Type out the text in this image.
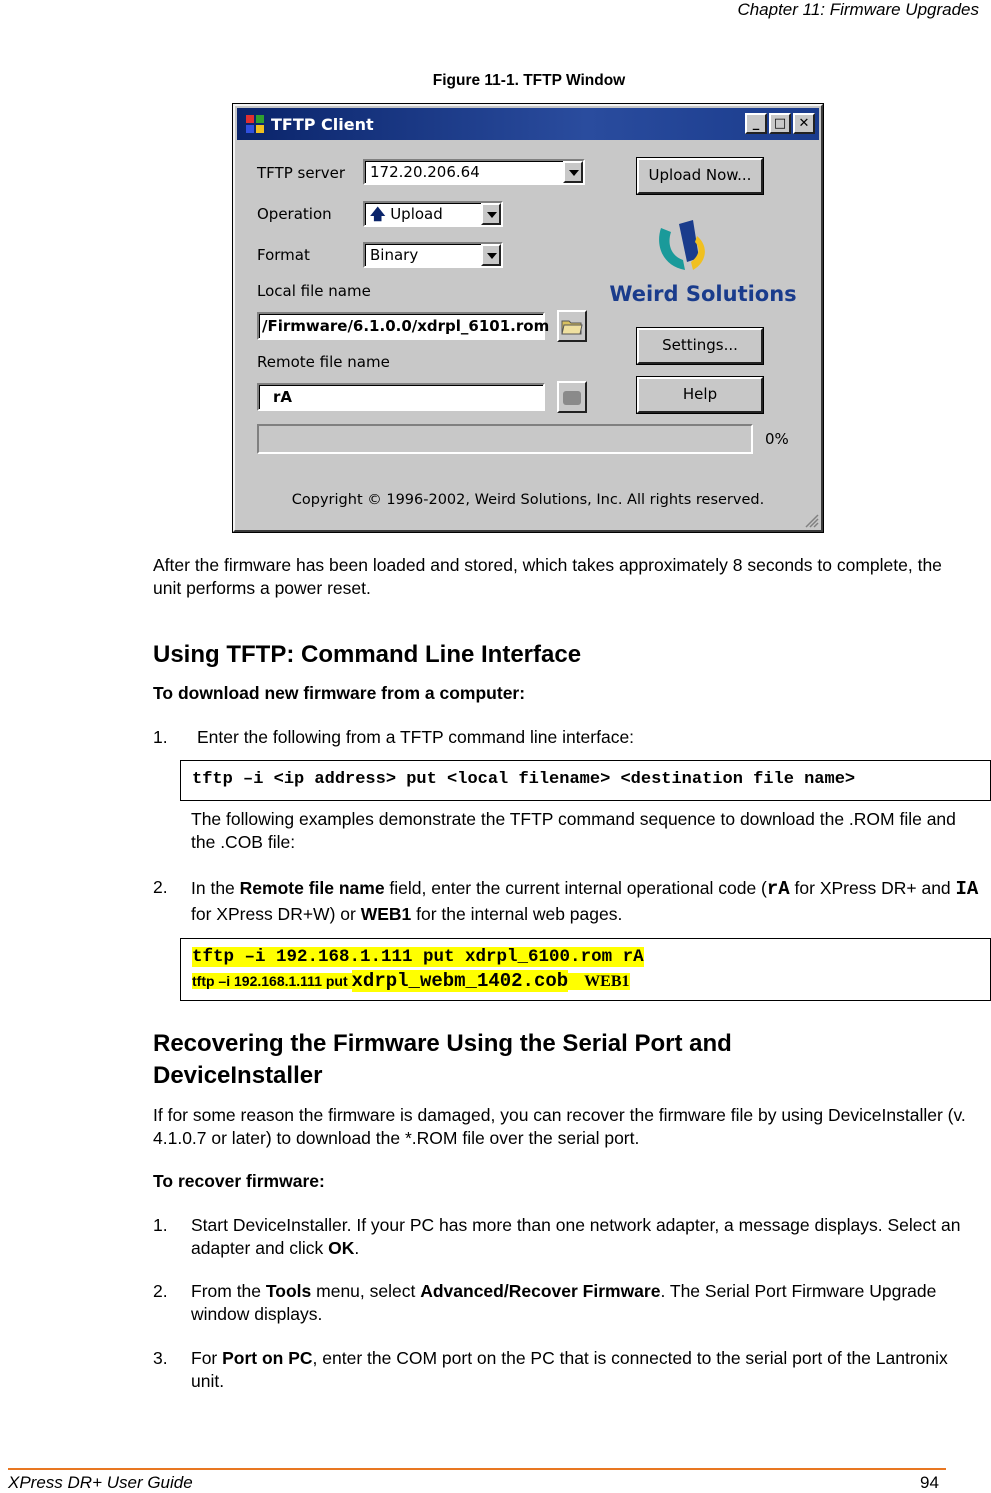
Chapter 11: Firmware Upgrades
Figure 11-1. TFTP Window
TFTP Client	_	□ ✕
TFTP server	172.20.206.64
Operation	🡅 Upload
Format	Binary
Local file name
/Firmware/6.1.0.0/xdrpl_6101.rom
Remote file name
rA
Upload Now...
Weird Solutions
Settings...
Help
0%
Copyright © 1996-2002, Weird Solutions, Inc. All rights reserved.
After the firmware has been loaded and stored, which takes approximately 8 seconds to complete, the unit performs a power reset.
Using TFTP: Command Line Interface
To download new firmware from a computer:
1. Enter the following from a TFTP command line interface:
tftp –i <ip address> put <local filename> <destination file name>
The following examples demonstrate the TFTP command sequence to download the .ROM file and the .COB file:
2. In the Remote file name field, enter the current internal operational code (rA for XPress DR+ and IA for XPress DR+W) or WEB1 for the internal web pages.
tftp –i 192.168.1.111 put xdrpl_6100.rom rA
tftp –i 192.168.1.111 put xdrpl_webm_1402.cob WEB1
Recovering the Firmware Using the Serial Port and DeviceInstaller
If for some reason the firmware is damaged, you can recover the firmware file by using DeviceInstaller (v. 4.1.0.7 or later) to download the *.ROM file over the serial port.
To recover firmware:
1. Start DeviceInstaller. If your PC has more than one network adapter, a message displays. Select an adapter and click OK.
2. From the Tools menu, select Advanced/Recover Firmware. The Serial Port Firmware Upgrade window displays.
3. For Port on PC, enter the COM port on the PC that is connected to the serial port of the Lantronix unit.
XPress DR+ User Guide	94
